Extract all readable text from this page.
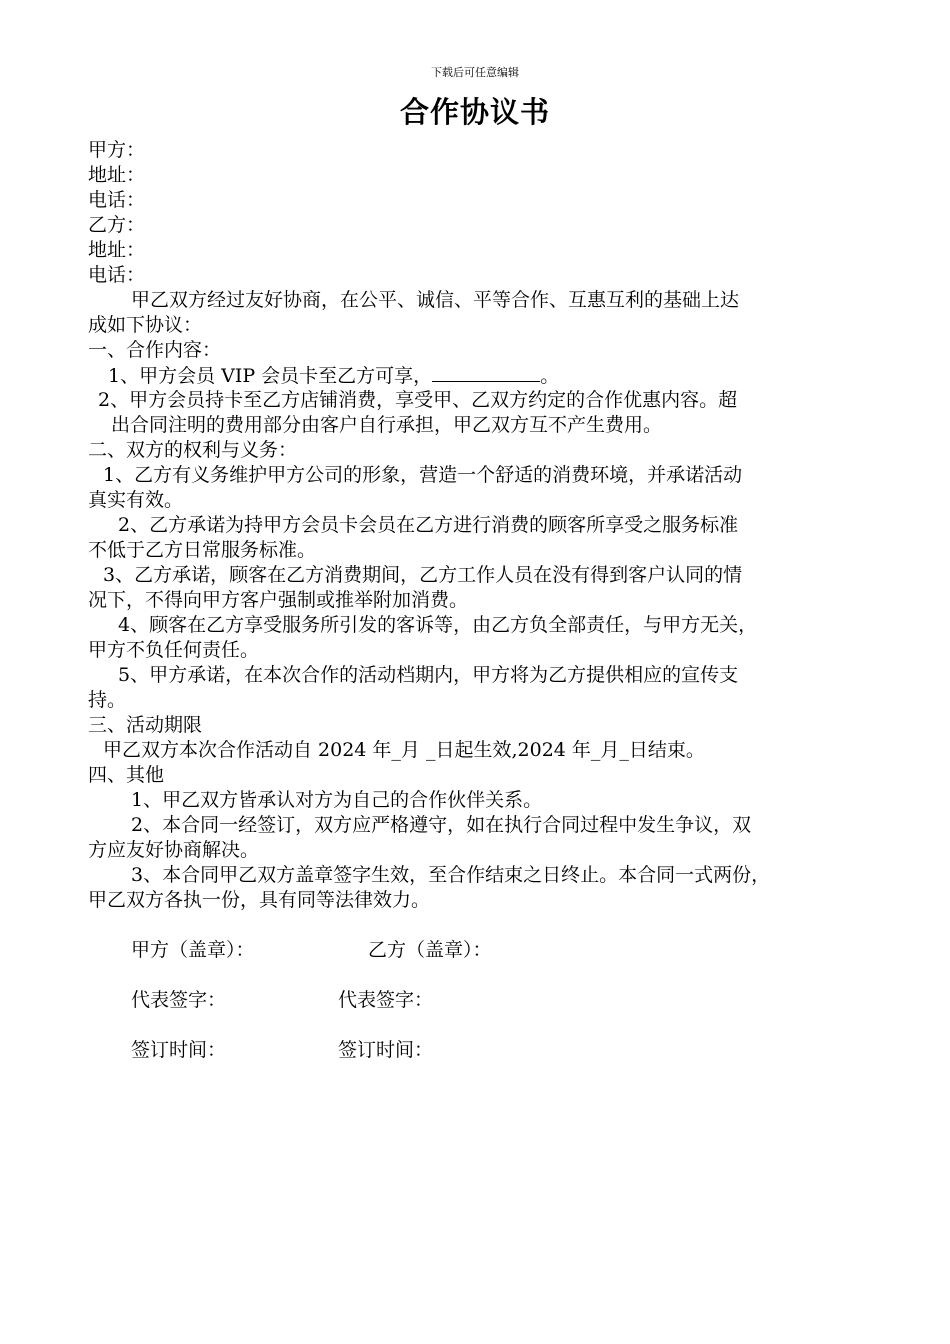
下载后可任意编辑
合作协议书
甲方：
地址：
电话：
乙方：
地址：
电话：
甲乙双方经过友好协商，在公平、诚信、平等合作、互惠互利的基础上达
成如下协议：
一、合作内容：
1、甲方会员 VIP 会员卡至乙方可享，	。
2、甲方会员持卡至乙方店铺消费，享受甲、乙双方约定的合作优惠内容。超
出合同注明的费用部分由客户自行承担，甲乙双方互不产生费用。
二、双方的权利与义务：
1、乙方有义务维护甲方公司的形象，营造一个舒适的消费环境，并承诺活动
真实有效。
2、乙方承诺为持甲方会员卡会员在乙方进行消费的顾客所享受之服务标准
不低于乙方日常服务标准。
3、乙方承诺，顾客在乙方消费期间，乙方工作人员在没有得到客户认同的情
况下，不得向甲方客户强制或推举附加消费。
4、顾客在乙方享受服务所引发的客诉等，由乙方负全部责任，与甲方无关，
甲方不负任何责任。
5、甲方承诺，在本次合作的活动档期内，甲方将为乙方提供相应的宣传支
持。
三、活动期限
甲乙双方本次合作活动自 2024 年_月 _日起生效,2024 年_月_日结束。
四、其他
1、甲乙双方皆承认对方为自己的合作伙伴关系。
2、本合同一经签订，双方应严格遵守，如在执行合同过程中发生争议，双
方应友好协商解决。
3、本合同甲乙双方盖章签字生效，至合作结束之日终止。本合同一式两份，
甲乙双方各执一份，具有同等法律效力。
甲方（盖章）：	乙方（盖章）：
代表签字：	代表签字：
签订时间：	签订时间：
